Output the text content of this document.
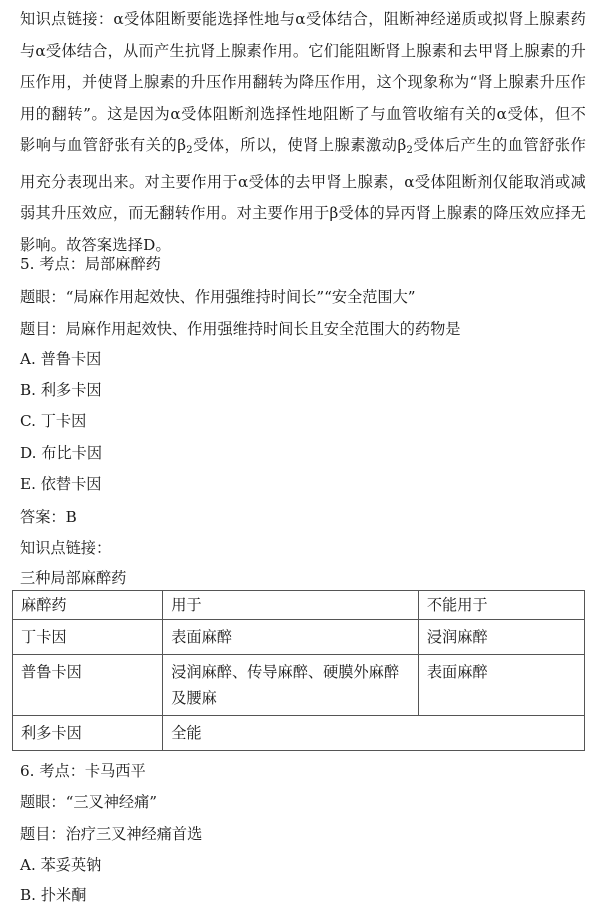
知识点链接：α受体阻断要能选择性地与α受体结合，阻断神经递质或拟肾上腺素药与α受体结合，从而产生抗肾上腺素作用。它们能阻断肾上腺素和去甲肾上腺素的升压作用，并使肾上腺素的升压作用翻转为降压作用，这个现象称为“肾上腺素升压作用的翻转”。这是因为α受体阻断剂选择性地阻断了与血管收缩有关的α受体，但不影响与血管舒张有关的$\beta_2$受体，所以，使肾上腺素激动$\beta_2$受体后产生的血管舒张作用充分表现出来。对主要作用于α受体的去甲肾上腺素，α受体阻断剂仅能取消或减弱其升压效应，而无翻转作用。对主要作用于β受体的异丙肾上腺素的降压效应择无影响。故答案选择D。
5. 考点：局部麻醉药
题眼：“局麻作用起效快、作用强维持时间长”“安全范围大”
题目：局麻作用起效快、作用强维持时间长且安全范围大的药物是
A. 普鲁卡因
B. 利多卡因
C. 丁卡因
D. 布比卡因
E. 依替卡因
答案：B
知识点链接：
三种局部麻醉药
麻醉药	用于	不能用于
丁卡因	表面麻醉	浸润麻醉
普鲁卡因	浸润麻醉、传导麻醉、硬膜外麻醉及腰麻	表面麻醉
利多卡因	全能	
6. 考点：卡马西平
题眼：“三叉神经痛”
题目：治疗三叉神经痛首选
A. 苯妥英钠
B. 扑米酮
